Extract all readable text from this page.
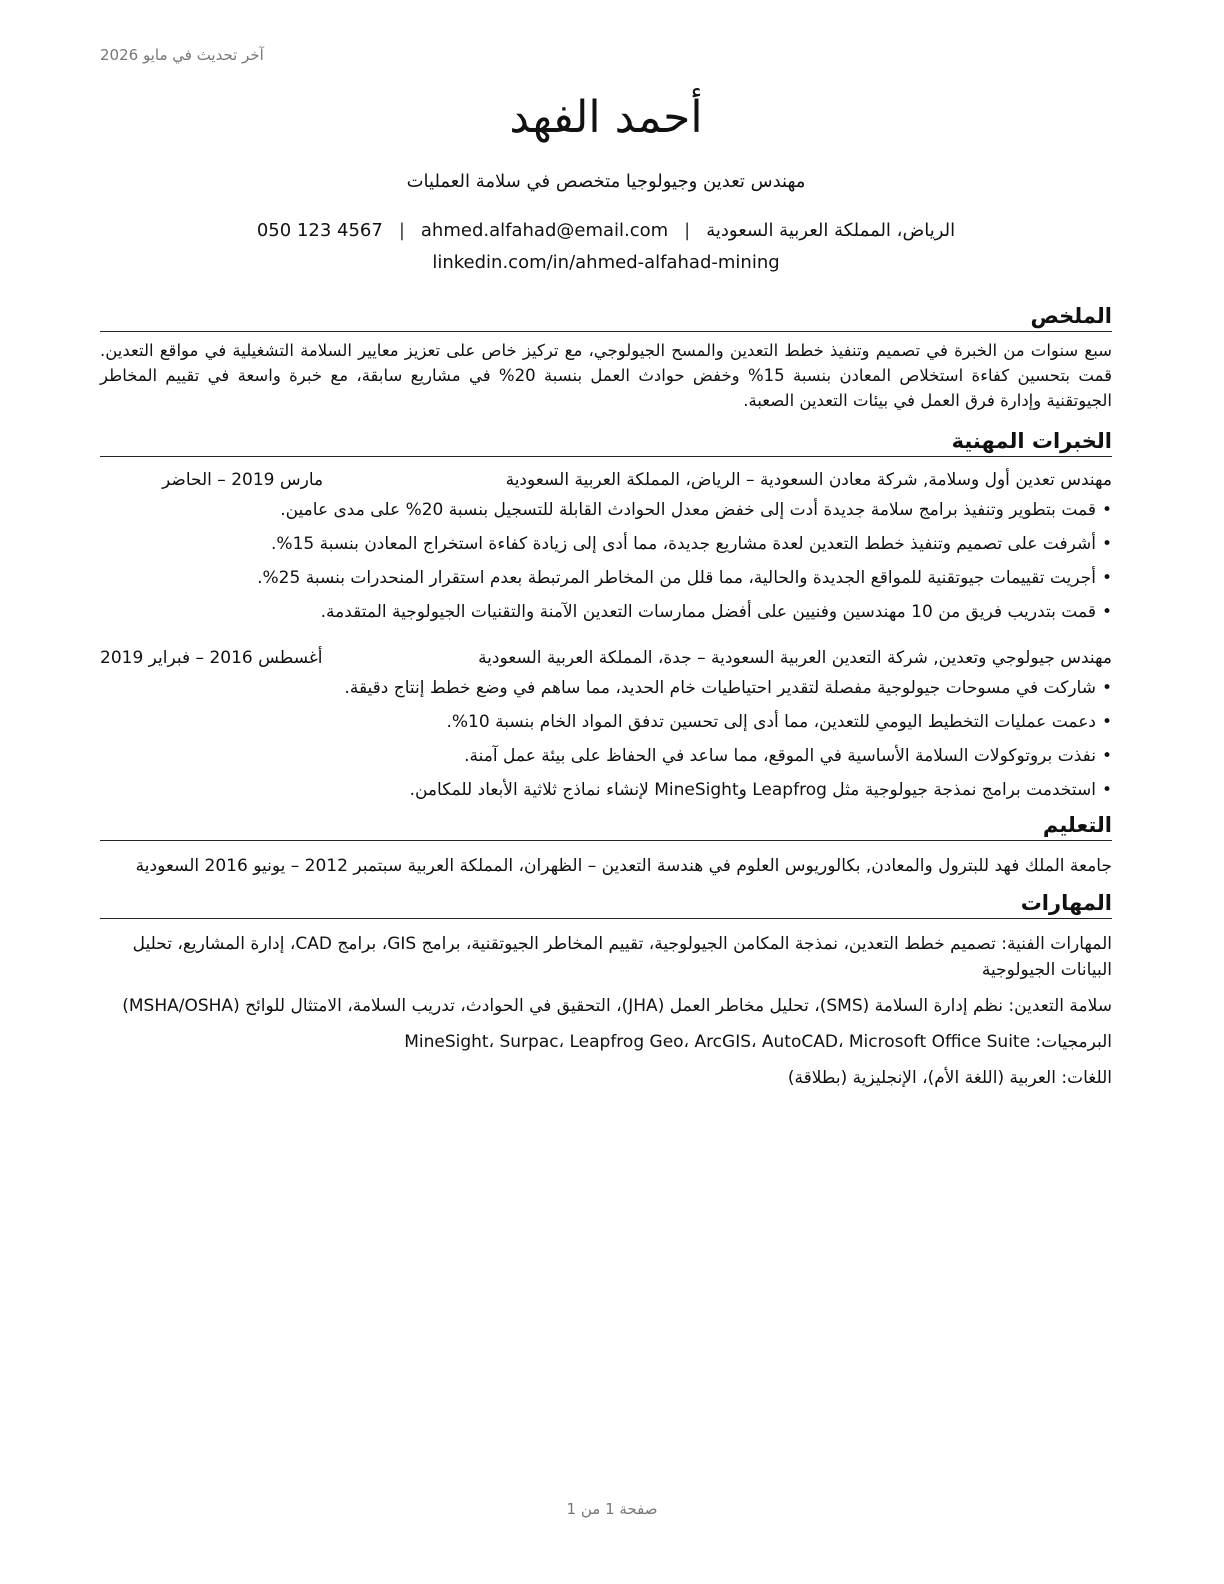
آخر تحديث في مايو 2026
أحمد الفهد
مهندس تعدين وجيولوجيا متخصص في سلامة العمليات
الرياض، المملكة العربية السعودية
|
ahmed.alfahad@email.com
|
050 123 4567
linkedin.com/in/ahmed-alfahad-mining
الملخص

سبع سنوات من الخبرة في تصميم وتنفيذ خطط التعدين والمسح الجيولوجي، مع تركيز خاص على تعزيز معايير السلامة التشغيلية في مواقع التعدين. قمت بتحسين كفاءة استخلاص المعادن بنسبة 15% وخفض حوادث العمل بنسبة 20% في مشاريع سابقة، مع خبرة واسعة في تقييم المخاطر الجيوتقنية وإدارة فرق العمل في بيئات التعدين الصعبة.

الخبرات المهنية
مهندس تعدين أول وسلامة, شركة معادن السعودية – الرياض، المملكة العربية السعودية
مارس 2019 – الحاضر
•
قمت بتطوير وتنفيذ برامج سلامة جديدة أدت إلى خفض معدل الحوادث القابلة للتسجيل بنسبة 20% على مدى عامين.
•
أشرفت على تصميم وتنفيذ خطط التعدين لعدة مشاريع جديدة، مما أدى إلى زيادة كفاءة استخراج المعادن بنسبة 15%.
•
أجريت تقييمات جيوتقنية للمواقع الجديدة والحالية، مما قلل من المخاطر المرتبطة بعدم استقرار المنحدرات بنسبة 25%.
•
قمت بتدريب فريق من 10 مهندسين وفنيين على أفضل ممارسات التعدين الآمنة والتقنيات الجيولوجية المتقدمة.
مهندس جيولوجي وتعدين, شركة التعدين العربية السعودية – جدة، المملكة العربية السعودية
أغسطس 2016 – فبراير 2019
•
شاركت في مسوحات جيولوجية مفصلة لتقدير احتياطيات خام الحديد، مما ساهم في وضع خطط إنتاج دقيقة.
•
دعمت عمليات التخطيط اليومي للتعدين، مما أدى إلى تحسين تدفق المواد الخام بنسبة 10%.
•
نفذت بروتوكولات السلامة الأساسية في الموقع، مما ساعد في الحفاظ على بيئة عمل آمنة.
•
استخدمت برامج نمذجة جيولوجية مثل Leapfrog وMineSight لإنشاء نماذج ثلاثية الأبعاد للمكامن.
التعليم

جامعة الملك فهد للبترول والمعادن, بكالوريوس العلوم في هندسة التعدين – الظهران، المملكة العربية سبتمبر 2012 – يونيو 2016 السعودية

المهارات

المهارات الفنية: تصميم خطط التعدين، نمذجة المكامن الجيولوجية، تقييم المخاطر الجيوتقنية، برامج GIS، برامج CAD، إدارة المشاريع، تحليل البيانات الجيولوجية

سلامة التعدين: نظم إدارة السلامة (SMS)، تحليل مخاطر العمل (JHA)، التحقيق في الحوادث، تدريب السلامة، الامتثال للوائح (MSHA/OSHA)

البرمجيات: MineSight، Surpac، Leapfrog Geo، ArcGIS، AutoCAD، Microsoft Office Suite

اللغات: العربية (اللغة الأم)، الإنجليزية (بطلاقة)

صفحة 1 من 1
